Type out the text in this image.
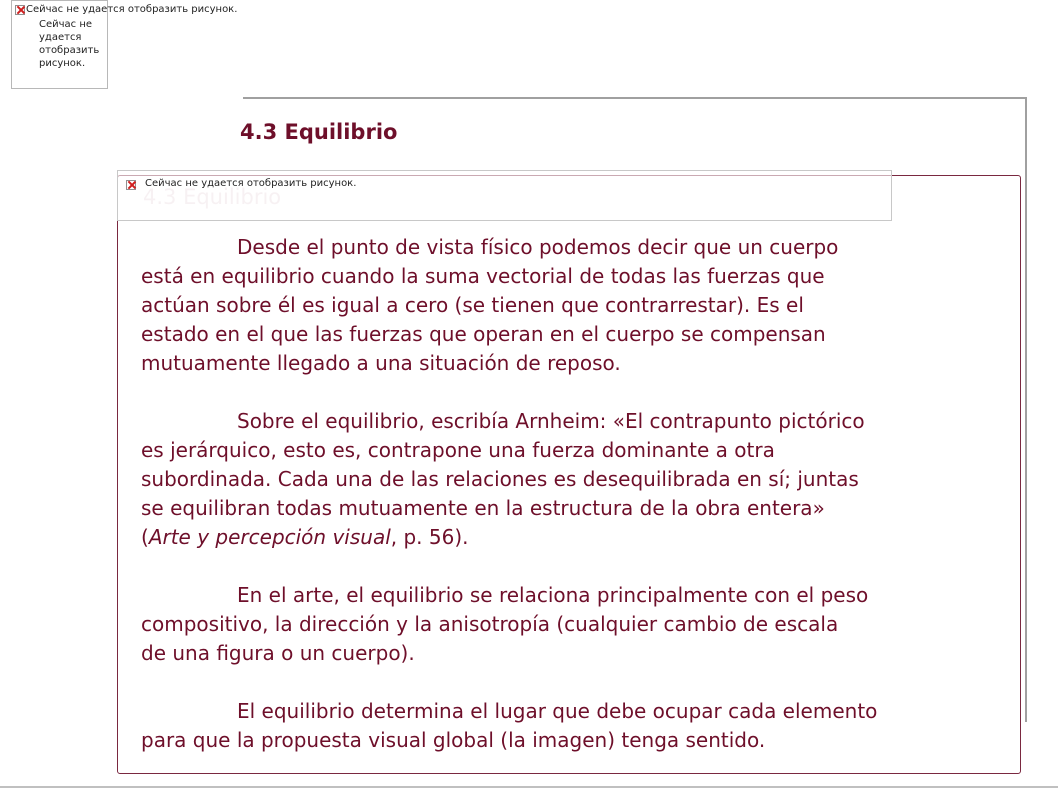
Сейчас не удается отобразить рисунок.
Сейчас не удается отобразить рисунок.
4.3 Equilibrio
Сейчас не удается отобразить рисунок.

Desde el punto de vista físico podemos decir que un cuerpo
está en equilibrio cuando la suma vectorial de todas las fuerzas que
actúan sobre él es igual a cero (se tienen que contrarrestar). Es el
estado en el que las fuerzas que operan en el cuerpo se compensan
mutuamente llegado a una situación de reposo.

Sobre el equilibrio, escribía Arnheim: «El contrapunto pictórico
es jerárquico, esto es, contrapone una fuerza dominante a otra
subordinada. Cada una de las relaciones es desequilibrada en sí; juntas
se equilibran todas mutuamente en la estructura de la obra entera»
(Arte y percepción visual, p. 56).

En el arte, el equilibrio se relaciona principalmente con el peso
compositivo, la dirección y la anisotropía (cualquier cambio de escala
de una figura o un cuerpo).

El equilibrio determina el lugar que debe ocupar cada elemento
para que la propuesta visual global (la imagen) tenga sentido.
